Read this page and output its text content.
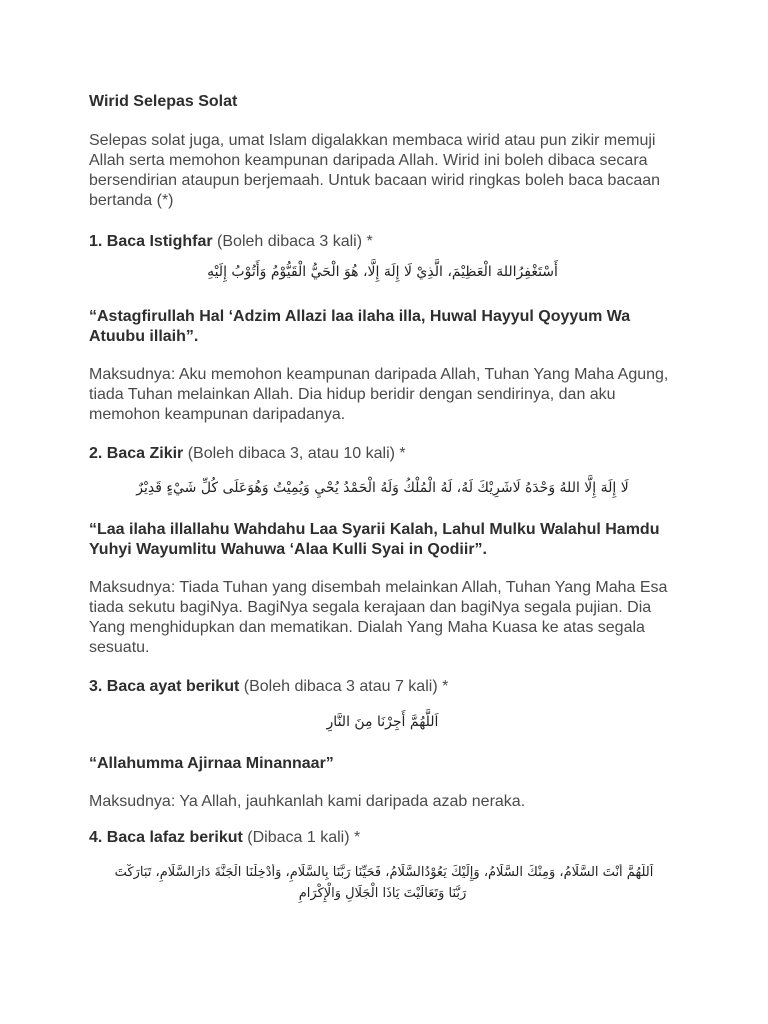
Wirid Selepas Solat
Selepas solat juga, umat Islam digalakkan membaca wirid atau pun zikir memuji Allah serta memohon keampunan daripada Allah. Wirid ini boleh dibaca secara bersendirian ataupun berjemaah. Untuk bacaan wirid ringkas boleh baca bacaan bertanda (*)
1. Baca Istighfar (Boleh dibaca 3 kali) *
أَسْتَغْفِرُاللهَ الْعَظِيْمَ، الَّذِيْ لَا إِلَهَ إِلَّا، هُوَ الْحَيُّ الْقَيُّوْمُ وَأَتُوْبُ إِلَيْهِ
“Astagfirullah Hal ‘Adzim Allazi laa ilaha illa, Huwal Hayyul Qoyyum Wa Atuubu illaih”.
Maksudnya: Aku memohon keampunan daripada Allah, Tuhan Yang Maha Agung, tiada Tuhan melainkan Allah. Dia hidup beridir dengan sendirinya, dan aku memohon keampunan daripadanya.
2. Baca Zikir (Boleh dibaca 3, atau 10 kali) *
لَا إِلَهَ إِلَّا اللهُ وَحْدَهُ لَاشَرِيْكَ لَهُ، لَهُ الْمُلْكُ وَلَهُ الْحَمْدُ يُحْيِ وَيُمِيْتُ وَهُوَعَلَى كُلِّ شَيْءٍ قَدِيْرٌ
“Laa ilaha illallahu Wahdahu Laa Syarii Kalah, Lahul Mulku Walahul Hamdu Yuhyi Wayumlitu Wahuwa ‘Alaa Kulli Syai in Qodiir”.
Maksudnya: Tiada Tuhan yang disembah melainkan Allah, Tuhan Yang Maha Esa tiada sekutu bagiNya. BagiNya segala kerajaan dan bagiNya segala pujian. Dia Yang menghidupkan dan mematikan. Dialah Yang Maha Kuasa ke atas segala sesuatu.
3. Baca ayat berikut (Boleh dibaca 3 atau 7 kali) *
اَللَّهُمَّ أَجِرْنَا مِنَ النَّارِ
“Allahumma Ajirnaa Minannaar”
Maksudnya: Ya Allah, jauhkanlah kami daripada azab neraka.
4. Baca lafaz berikut (Dibaca 1 kali) *
اَللَّهُمَّ أَنْتَ السَّلَامُ، وَمِنْكَ السَّلَامُ، وَإِلَيْكَ يَعُوْدُالسَّلَامُ، فَحَيِّنَا رَبَّنَا بِالسَّلَامِ، وَأَدْخِلْنَا الْجَنَّةَ دَارَالسَّلَامِ، تَبَارَكْتَ
رَبَّنَا وَتَعَالَيْتَ يَاذَا الْجَلَالِ وَالْإِكْرَامِ
